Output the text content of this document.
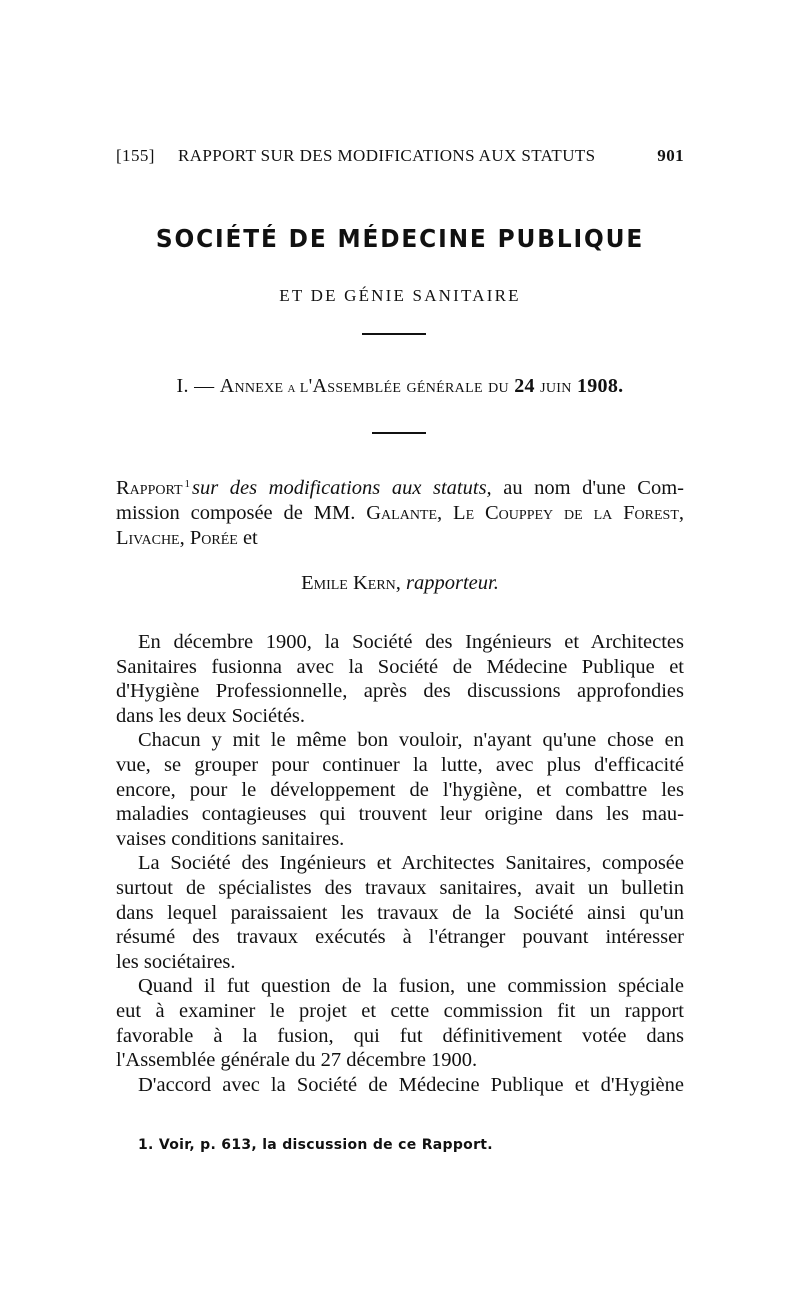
[155] RAPPORT SUR DES MODIFICATIONS AUX STATUTS	901
SOCIÉTÉ DE MÉDECINE PUBLIQUE
ET DE GÉNIE SANITAIRE
I. — Annexe a l'Assemblée générale du 24 juin 1908.
Rapport $^1$sur des modifications aux statuts, au nom d'une Com-
mission composée de MM. Galante, Le Couppey de la Forest,
Livache, Porée et
Emile Kern, rapporteur.
En décembre 1900, la Société des Ingénieurs et Architectes
Sanitaires fusionna avec la Société de Médecine Publique et
d'Hygiène Professionnelle, après des discussions approfondies
dans les deux Sociétés.
Chacun y mit le même bon vouloir, n'ayant qu'une chose en
vue, se grouper pour continuer la lutte, avec plus d'efficacité
encore, pour le développement de l'hygiène, et combattre les
maladies contagieuses qui trouvent leur origine dans les mau-
vaises conditions sanitaires.
La Société des Ingénieurs et Architectes Sanitaires, composée
surtout de spécialistes des travaux sanitaires, avait un bulletin
dans lequel paraissaient les travaux de la Société ainsi qu'un
résumé des travaux exécutés à l'étranger pouvant intéresser
les sociétaires.
Quand il fut question de la fusion, une commission spéciale
eut à examiner le projet et cette commission fit un rapport
favorable à la fusion, qui fut définitivement votée dans
l'Assemblée générale du 27 décembre 1900.
D'accord avec la Société de Médecine Publique et d'Hygiène
1. Voir, p. 613, la discussion de ce Rapport.
